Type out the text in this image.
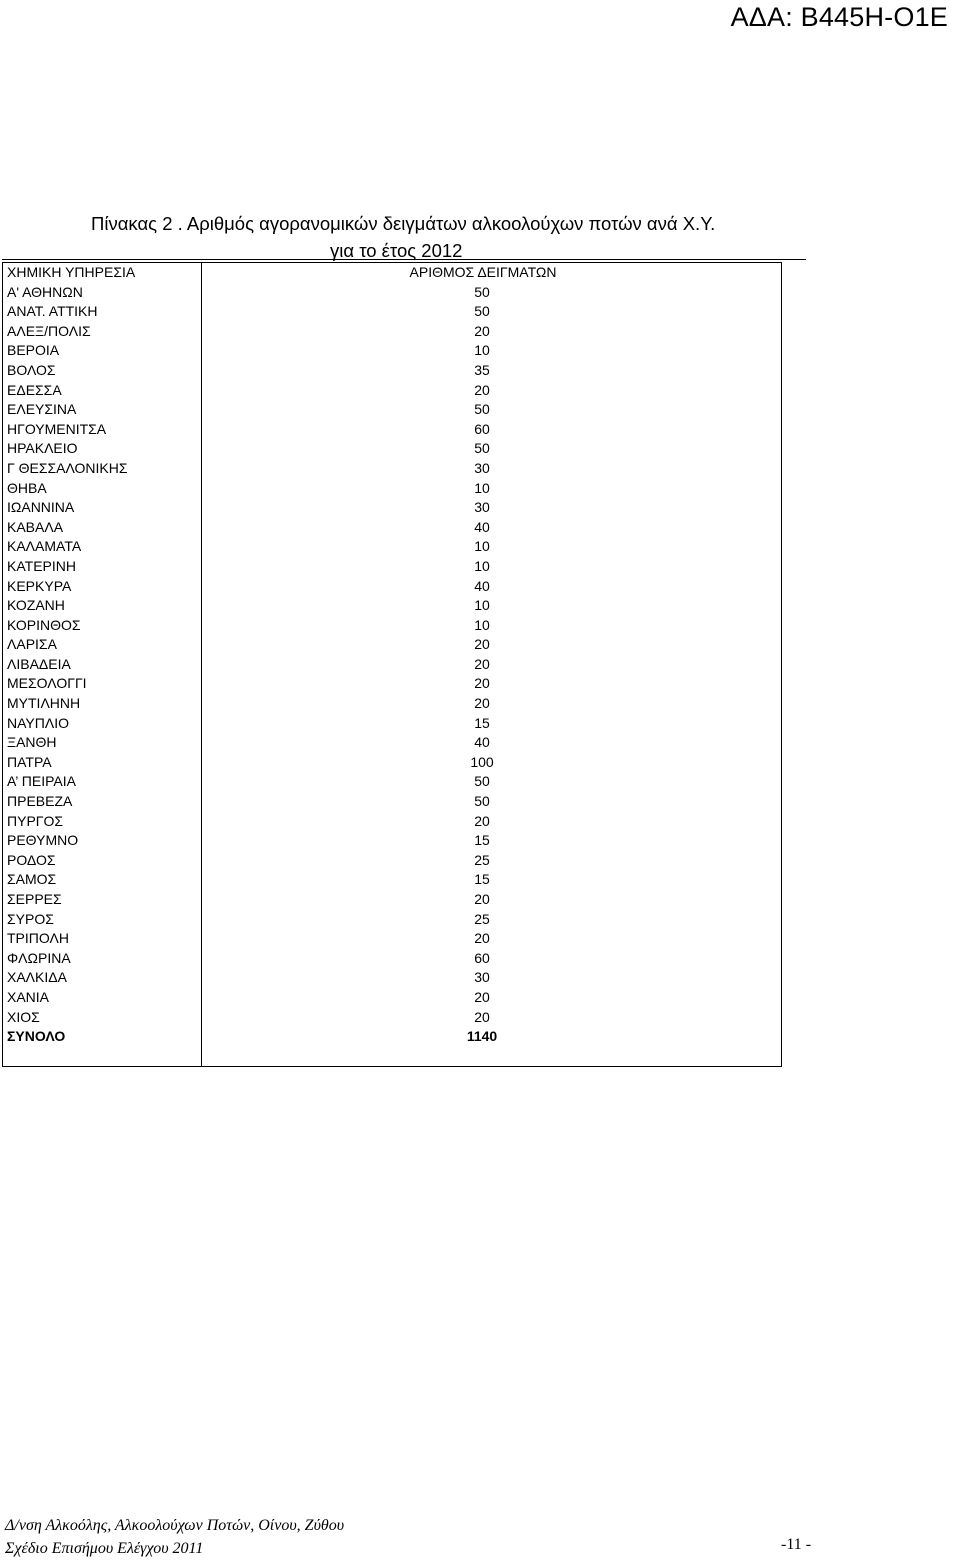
ΑΔΑ: Β445Η-Ο1Ε
Πίνακας 2 . Αριθμός αγορανομικών δειγμάτων αλκοολούχων ποτών ανά Χ.Υ.
για το έτος 2012
ΧΗΜΙΚΗ ΥΠΗΡΕΣΙΑ	ΑΡΙΘΜΟΣ ΔΕΙΓΜΑΤΩΝ
Α' ΑΘΗΝΩΝ	50
ΑΝΑΤ. ΑΤΤΙΚΗ	50
ΑΛΕΞ/ΠΟΛΙΣ	20
ΒΕΡΟΙΑ	10
ΒΟΛΟΣ	35
ΕΔΕΣΣΑ	20
ΕΛΕΥΣΙΝΑ	50
ΗΓΟΥΜΕΝΙΤΣΑ	60
ΗΡΑΚΛΕΙΟ	50
Γ ΘΕΣΣΑΛΟΝΙΚΗΣ	30
ΘΗΒΑ	10
ΙΩΑΝΝΙΝΑ	30
ΚΑΒΑΛΑ	40
ΚΑΛΑΜΑΤΑ	10
ΚΑΤΕΡΙΝΗ	10
ΚΕΡΚΥΡΑ	40
ΚΟΖΑΝΗ	10
ΚΟΡΙΝΘΟΣ	10
ΛΑΡΙΣΑ	20
ΛΙΒΑΔΕΙΑ	20
ΜΕΣΟΛΟΓΓΙ	20
ΜΥΤΙΛΗΝΗ	20
ΝΑΥΠΛΙΟ	15
ΞΑΝΘΗ	40
ΠΑΤΡΑ	100
Α’ ΠΕΙΡΑΙΑ	50
ΠΡΕΒΕΖΑ	50
ΠΥΡΓΟΣ	20
ΡΕΘΥΜΝΟ	15
ΡΟΔΟΣ	25
ΣΑΜΟΣ	15
ΣΕΡΡΕΣ	20
ΣΥΡΟΣ	25
ΤΡΙΠΟΛΗ	20
ΦΛΩΡΙΝΑ	60
ΧΑΛΚΙΔΑ	30
ΧΑΝΙΑ	20
ΧΙΟΣ	20
ΣΥΝΟΛΟ	1140
Δ/νση Αλκοόλης, Αλκοολούχων Ποτών, Οίνου, Ζύθου
Σχέδιο Επισήμου Ελέγχου 2011	-11 -
